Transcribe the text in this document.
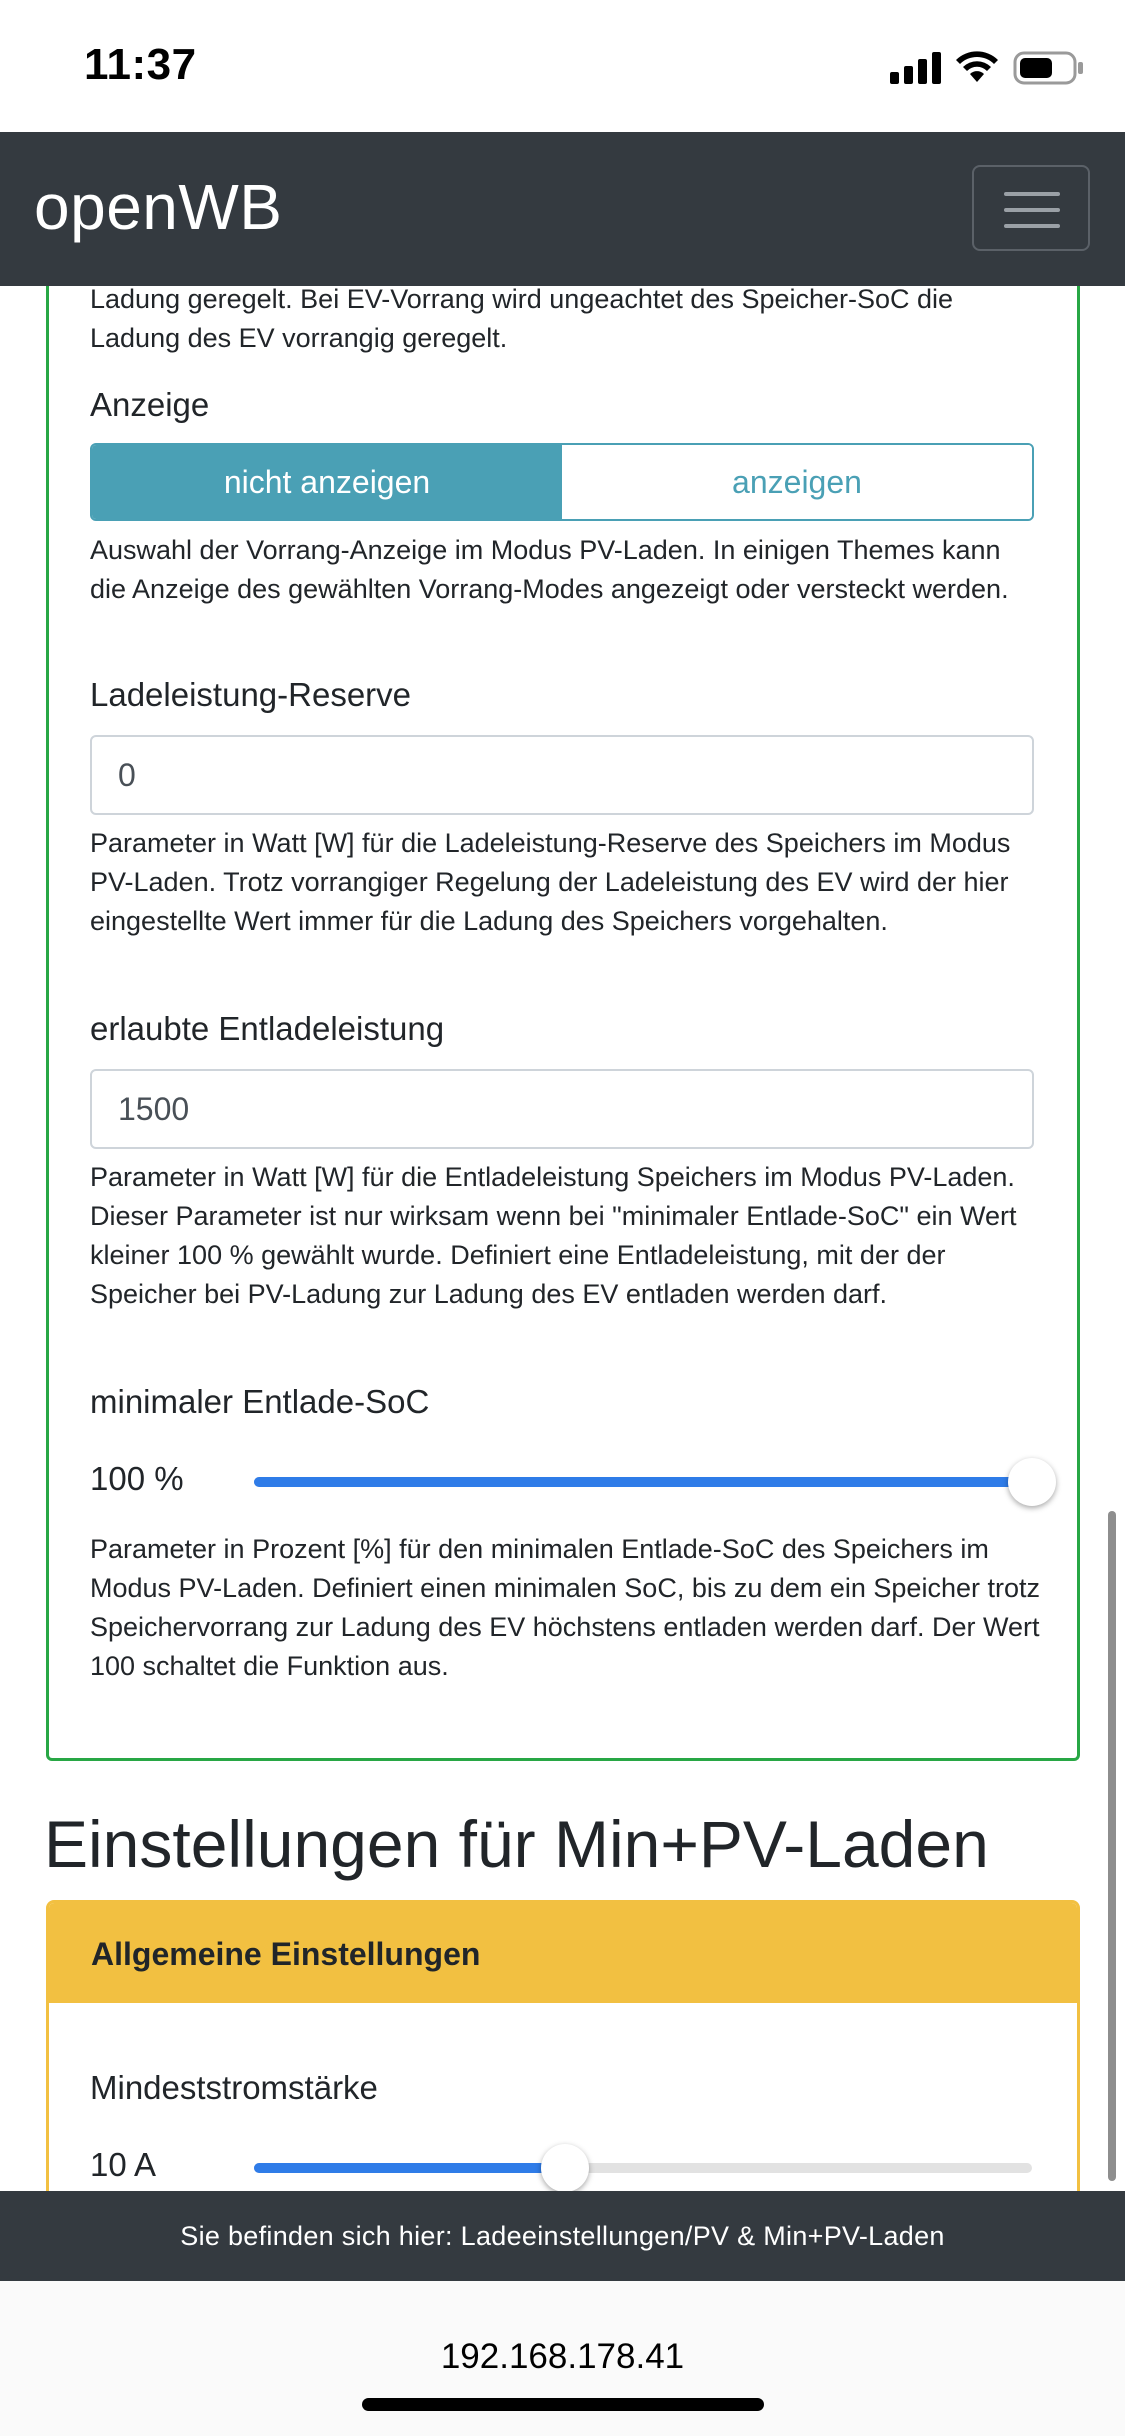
11:37
openWB
Ladung geregelt. Bei EV-Vorrang wird ungeachtet des Speicher-SoC die Ladung des EV vorrangig geregelt.
Anzeige
nicht anzeigen	anzeigen
Auswahl der Vorrang-Anzeige im Modus PV-Laden. In einigen Themes kann die Anzeige des gewählten Vorrang-Modes angezeigt oder versteckt werden.
Ladeleistung-Reserve
0
Parameter in Watt [W] für die Ladeleistung-Reserve des Speichers im Modus PV-Laden. Trotz vorrangiger Regelung der Ladeleistung des EV wird der hier eingestellte Wert immer für die Ladung des Speichers vorgehalten.
erlaubte Entladeleistung
1500
Parameter in Watt [W] für die Entladeleistung Speichers im Modus PV-Laden. Dieser Parameter ist nur wirksam wenn bei "minimaler Entlade-SoC" ein Wert kleiner 100 % gewählt wurde. Definiert eine Entladeleistung, mit der der Speicher bei PV-Ladung zur Ladung des EV entladen werden darf.
minimaler Entlade-SoC
100 %
Parameter in Prozent [%] für den minimalen Entlade-SoC des Speichers im Modus PV-Laden. Definiert einen minimalen SoC, bis zu dem ein Speicher trotz Speichervorrang zur Ladung des EV höchstens entladen werden darf. Der Wert 100 schaltet die Funktion aus.
Einstellungen für Min+PV-Laden
Allgemeine Einstellungen
Mindeststromstärke
10 A
Sie befinden sich hier: Ladeeinstellungen/PV & Min+PV-Laden
192.168.178.41
